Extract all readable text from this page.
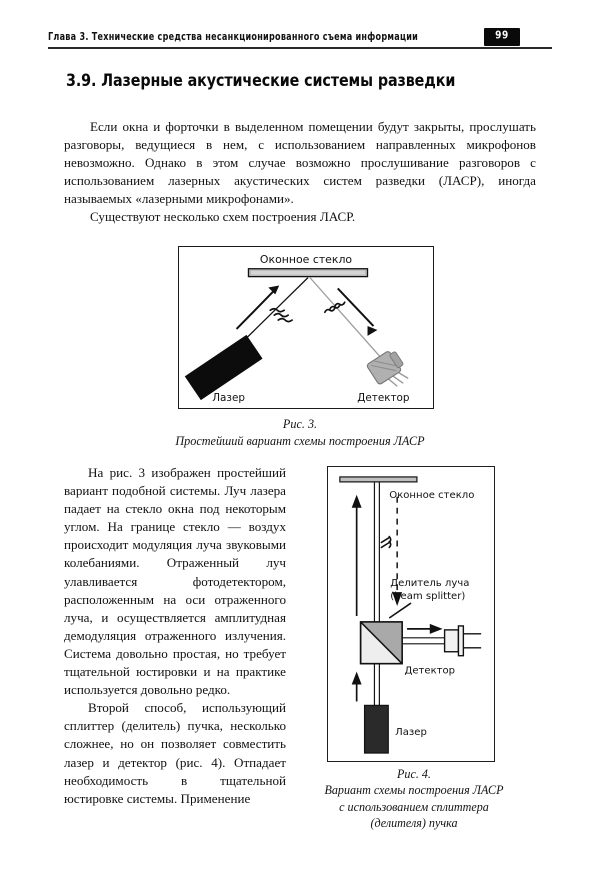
Глава 3. Технические средства несанкционированного съема информации	99
3.9. Лазерные акустические системы разведки

Если окна и форточки в выделенном помещении будут закрыты, прослушать разговоры, ведущиеся в нем, с использованием направленных микрофонов невозможно. Однако в этом случае возможно прослушивание разговоров с использованием лазерных акустических систем разведки (ЛАСР), иногда называемых «лазерными микрофонами».

Существуют несколько схем построения ЛАСР.

Оконное стекло
Лазер	Детектор
Рис. 3.
Простейший вариант схемы построения ЛАСР

На рис. 3 изображен простейший вариант подобной системы. Луч лазера падает на стекло окна под некоторым углом. На границе стекло — воздух происходит модуляция луча звуковыми колебаниями. Отраженный луч улавливается фотодетектором, расположенным на оси отраженного луча, и осуществляется амплитудная демодуляция отраженного излучения. Система довольно простая, но требует тщательной юстировки и на практике используется довольно редко.

Второй способ, использующий сплиттер (делитель) пучка, несколько сложнее, но он позволяет совместить лазер и детектор (рис. 4). Отпадает необходимость в тщательной юстировке системы. Применение

Оконное стекло
Делитель луча
(beam splitter)
Детектор
Лазер
Рис. 4.
Вариант схемы построения ЛАСР
с использованием сплиттера
(делителя) пучка
